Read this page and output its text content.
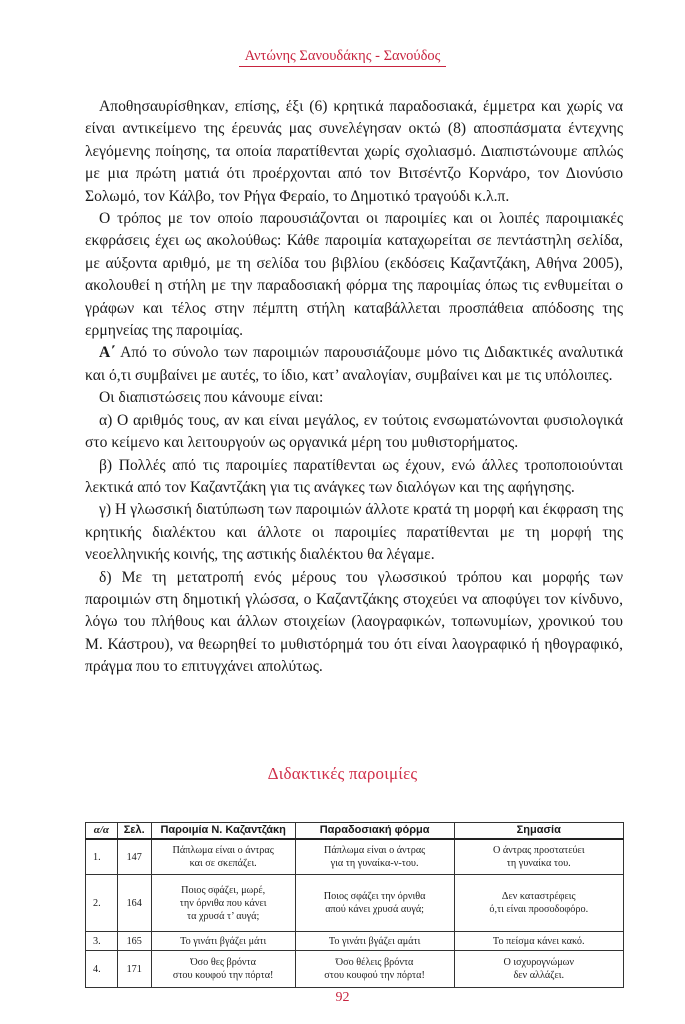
Αντώνης Σανουδάκης - Σανούδος

Αποθησαυρίσθηκαν, επίσης, έξι (6) κρητικά παραδοσιακά, έμμετρα και χωρίς να είναι αντικείμενο της έρευνάς μας συνελέγησαν οκτώ (8) αποσπάσματα έντεχνης λεγόμενης ποίησης, τα οποία παρατίθενται χωρίς σχολιασμό. Διαπιστώνουμε απλώς με μια πρώτη ματιά ότι προέρχονται από τον Βιτσέντζο Κορνάρο, τον Διονύσιο Σολωμό, τον Κάλβο, τον Ρήγα Φεραίο, το Δημοτικό τραγούδι κ.λ.π.

Ο τρόπος με τον οποίο παρουσιάζονται οι παροιμίες και οι λοιπές παροιμιακές εκφράσεις έχει ως ακολούθως: Κάθε παροιμία καταχωρείται σε πεντάστηλη σελίδα, με αύξοντα αριθμό, με τη σελίδα του βιβλίου (εκδόσεις Καζαντζάκη, Αθήνα 2005), ακολουθεί η στήλη με την παραδοσιακή φόρμα της παροιμίας όπως τις ενθυμείται ο γράφων και τέλος στην πέμπτη στήλη καταβάλλεται προσπάθεια απόδοσης της ερμηνείας της παροιμίας.

Α΄ Από το σύνολο των παροιμιών παρουσιάζουμε μόνο τις Διδακτικές αναλυτικά και ό,τι συμβαίνει με αυτές, το ίδιο, κατ’ αναλογίαν, συμβαίνει και με τις υπόλοιπες.

Οι διαπιστώσεις που κάνουμε είναι:

α) Ο αριθμός τους, αν και είναι μεγάλος, εν τούτοις ενσωματώνονται φυσιολογικά στο κείμενο και λειτουργούν ως οργανικά μέρη του μυθιστορήματος.

β) Πολλές από τις παροιμίες παρατίθενται ως έχουν, ενώ άλλες τροποποιούνται λεκτικά από τον Καζαντζάκη για τις ανάγκες των διαλόγων και της αφήγησης.

γ) Η γλωσσική διατύπωση των παροιμιών άλλοτε κρατά τη μορφή και έκφραση της κρητικής διαλέκτου και άλλοτε οι παροιμίες παρατίθενται με τη μορφή της νεοελληνικής κοινής, της αστικής διαλέκτου θα λέγαμε.

δ) Με τη μετατροπή ενός μέρους του γλωσσικού τρόπου και μορφής των παροιμιών στη δημοτική γλώσσα, ο Καζαντζάκης στοχεύει να αποφύγει τον κίνδυνο, λόγω του πλήθους και άλλων στοιχείων (λαογραφικών, τοπωνυμίων, χρονικού του Μ. Κάστρου), να θεωρηθεί το μυθιστόρημά του ότι είναι λαογραφικό ή ηθογραφικό, πράγμα που το επιτυγχάνει απολύτως.

Διδακτικές παροιμίες
α/α	Σελ.	Παροιμία Ν. Καζαντζάκη	Παραδοσιακή φόρμα	Σημασία
1.	147	Πάπλωμα είναι ο άντρας
και σε σκεπάζει.	Πάπλωμα είναι ο άντρας
για τη γυναίκα-ν-του.	Ο άντρας προστατεύει
τη γυναίκα του.
2.	164	Ποιος σφάζει, μωρέ,
την όρνιθα που κάνει
τα χρυσά τ’ αυγά;	Ποιος σφάζει την όρνιθα
απού κάνει χρυσά αυγά;	Δεν καταστρέφεις
ό,τι είναι προσοδοφόρο.
3.	165	Το γινάτι βγάζει μάτι	Το γινάτι βγάζει αμάτι	Το πείσμα κάνει κακό.
4.	171	Όσο θες βρόντα
στου κουφού την πόρτα!	Όσο θέλεις βρόντα
στου κουφού την πόρτα!	Ο ισχυρογνώμων
δεν αλλάζει.
92
